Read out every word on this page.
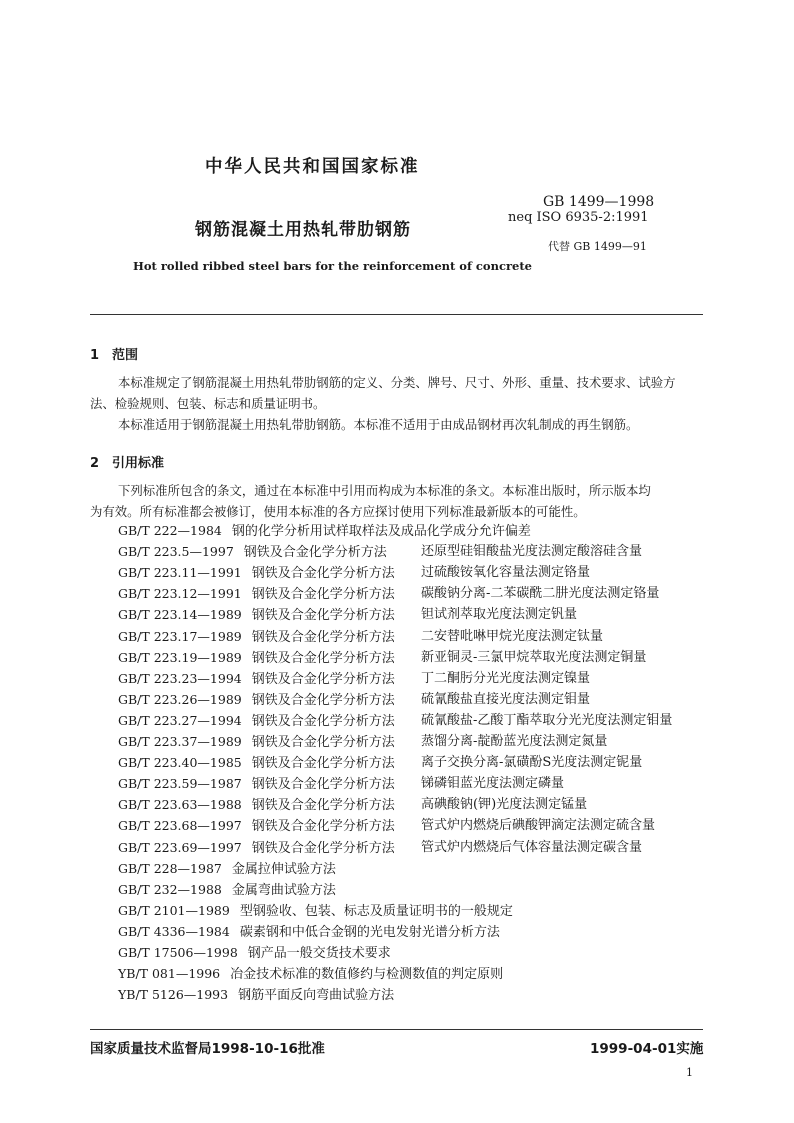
中华人民共和国国家标准
GB 1499—1998
neq ISO 6935-2:1991
钢筋混凝土用热轧带肋钢筋
代替 GB 1499—91
Hot rolled ribbed steel bars for the reinforcement of concrete
1　范围
本标准规定了钢筋混凝土用热轧带肋钢筋的定义、分类、牌号、尺寸、外形、重量、技术要求、试验方
法、检验规则、包装、标志和质量证明书。
本标准适用于钢筋混凝土用热轧带肋钢筋。本标准不适用于由成品钢材再次轧制成的再生钢筋。
2　引用标准
下列标准所包含的条文，通过在本标准中引用而构成为本标准的条文。本标准出版时，所示版本均
为有效。所有标准都会被修订，使用本标准的各方应探讨使用下列标准最新版本的可能性。
GB/T 222—1984 钢的化学分析用试样取样法及成品化学成分允许偏差
GB/T 223.5—1997 钢铁及合金化学分析方法	还原型硅钼酸盐光度法测定酸溶硅含量
GB/T 223.11—1991 钢铁及合金化学分析方法 过硫酸铵氧化容量法测定铬量
GB/T 223.12—1991 钢铁及合金化学分析方法 碳酸钠分离-二苯碳酰二肼光度法测定铬量
GB/T 223.14—1989 钢铁及合金化学分析方法 钽试剂萃取光度法测定钒量
GB/T 223.17—1989 钢铁及合金化学分析方法 二安替吡啉甲烷光度法测定钛量
GB/T 223.19—1989 钢铁及合金化学分析方法 新亚铜灵-三氯甲烷萃取光度法测定铜量
GB/T 223.23—1994 钢铁及合金化学分析方法 丁二酮肟分光光度法测定镍量
GB/T 223.26—1989 钢铁及合金化学分析方法 硫氰酸盐直接光度法测定钼量
GB/T 223.27—1994 钢铁及合金化学分析方法 硫氰酸盐-乙酸丁酯萃取分光光度法测定钼量
GB/T 223.37—1989 钢铁及合金化学分析方法 蒸馏分离-靛酚蓝光度法测定氮量
GB/T 223.40—1985 钢铁及合金化学分析方法 离子交换分离-氯磺酚S光度法测定铌量
GB/T 223.59—1987 钢铁及合金化学分析方法 锑磷钼蓝光度法测定磷量
GB/T 223.63—1988 钢铁及合金化学分析方法 高碘酸钠(钾)光度法测定锰量
GB/T 223.68—1997 钢铁及合金化学分析方法 管式炉内燃烧后碘酸钾滴定法测定硫含量
GB/T 223.69—1997 钢铁及合金化学分析方法 管式炉内燃烧后气体容量法测定碳含量
GB/T 228—1987 金属拉伸试验方法
GB/T 232—1988 金属弯曲试验方法
GB/T 2101—1989 型钢验收、包装、标志及质量证明书的一般规定
GB/T 4336—1984 碳素钢和中低合金钢的光电发射光谱分析方法
GB/T 17506—1998 钢产品一般交货技术要求
YB/T 081—1996 冶金技术标准的数值修约与检测数值的判定原则
YB/T 5126—1993 钢筋平面反向弯曲试验方法
国家质量技术监督局1998-10-16批准	1999-04-01实施
1
